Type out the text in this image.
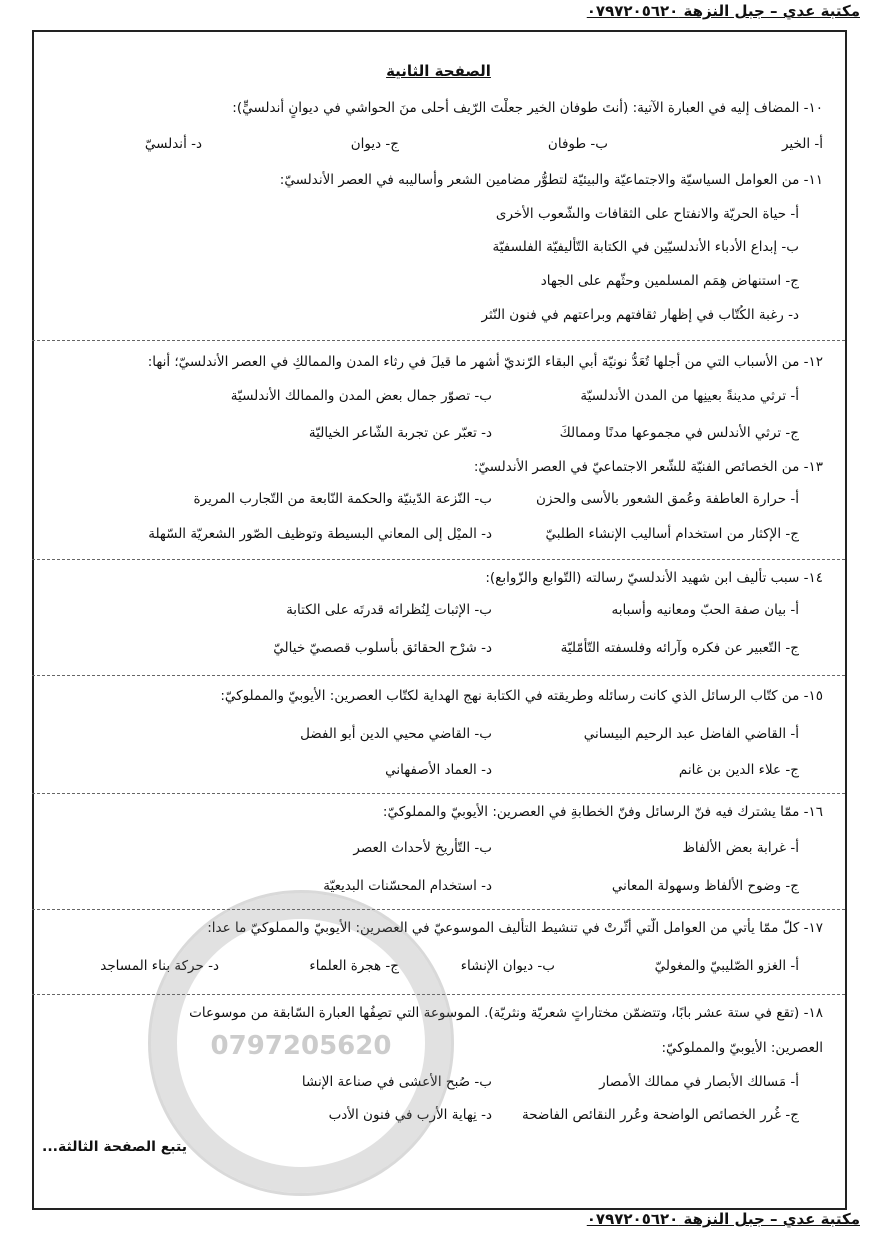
مكتبة عدي – جبل النزهة ٠٧٩٧٢٠٥٦٢٠
الصفحة الثانية
١٠- المضاف إليه في العبارة الآتية: (أنتَ طوفان الخير جعلْتَ الرّيف أحلى منَ الحواشي في ديوانٍ أندلسيٍّ):
أ- الخير
ب- طوفان
ج- ديوان
د- أندلسيّ
١١- من العوامل السياسيّة والاجتماعيّة والبيئيّة لتطوُّر مضامين الشعر وأساليبه في العصر الأندلسيّ:
أ- حياة الحريّة والانفتاح على الثقافات والشّعوب الأخرى
ب- إبداع الأدباء الأندلسيّين في الكتابة التّأليفيّة الفلسفيّة
ج- استنهاض هِمَم المسلمين وحثّهم على الجهاد
د- رغبة الكُتّاب في إظهار ثقافتهم وبراعتهم في فنون النّثر
١٢- من الأسباب التي من أجلها تُعَدُّ نونيّة أبي البقاء الرّنديّ أشهر ما قيلَ في رثاء المدن والممالكِ في العصر الأندلسيّ؛ أنها:
أ- ترثي مدينةً بعينِها من المدن الأندلسيّة
ب- تصوّر جمال بعض المدن والممالك الأندلسيّة
ج- ترثي الأندلس في مجموعها مدنًا وممالكَ
د- تعبّر عن تجربة الشّاعر الخياليّة
١٣- من الخصائص الفنيّة للشّعر الاجتماعيّ في العصر الأندلسيّ:
أ- حرارة العاطفة وعُمق الشعور بالأسى والحزن
ب- النّزعة الدّينيّة والحكمة النّابعة من التّجارب المريرة
ج- الإكثار من استخدام أساليب الإنشاء الطلبيّ
د- الميْل إلى المعاني البسيطة وتوظيف الصّور الشعريّة السّهلة
١٤- سبب تأليف ابن شهيد الأندلسيّ رسالته (التّوابع والزّوابع):
أ- بيان صفة الحبّ ومعانيه وأسبابه
ب- الإثبات لِنُظرائه قدرتَه على الكتابة
ج- التّعبير عن فكره وآرائه وفلسفته التّأمّليّة
د- شرْح الحقائق بأسلوب قصصيّ خياليّ
١٥- من كتّاب الرسائل الذي كانت رسائله وطريقته في الكتابة نهج الهداية لكتّاب العصرين: الأيوبيّ والمملوكيّ:
أ- القاضي الفاضل عبد الرحيم البيساني
ب- القاضي محيي الدين أبو الفضل
ج- علاء الدين بن غانم
د- العماد الأصفهاني
١٦- ممّا يشترك فيه فنّ الرسائل وفنّ الخطابةِ في العصرين: الأيوبيّ والمملوكيّ:
أ- غرابة بعض الألفاظ
ب- التّأريخ لأحداث العصر
ج- وضوح الألفاظ وسهولة المعاني
د- استخدام المحسّنات البديعيّة
١٧- كلّ ممّا يأتي من العوامل الّتي أثّرتْ في تنشيط التأليف الموسوعيّ في العصرين: الأيوبيّ والمملوكيّ ما عدا:
أ- الغزو الصّليبيّ والمغوليّ
ب- ديوان الإنشاء
ج- هجرة العلماء
د- حركة بناء المساجد
١٨- (تقع في ستة عشر بابًا، وتتضمّن مختاراتٍ شعريّة ونثريّة). الموسوعة التي تصِفُها العبارة السّابقة من موسوعات
العصرين: الأيوبيّ والمملوكيّ:
أ- مَسالك الأبصار في ممالك الأمصار
ب- صُبح الأعشى في صناعة الإنشا
ج- غُرر الخصائص الواضحة وعُرر النقائص الفاضحة
د- نِهاية الأرب في فنون الأدب
يتبع الصفحة الثالثة...
0797205620
مكتبة عدي – جبل النزهة ٠٧٩٧٢٠٥٦٢٠
